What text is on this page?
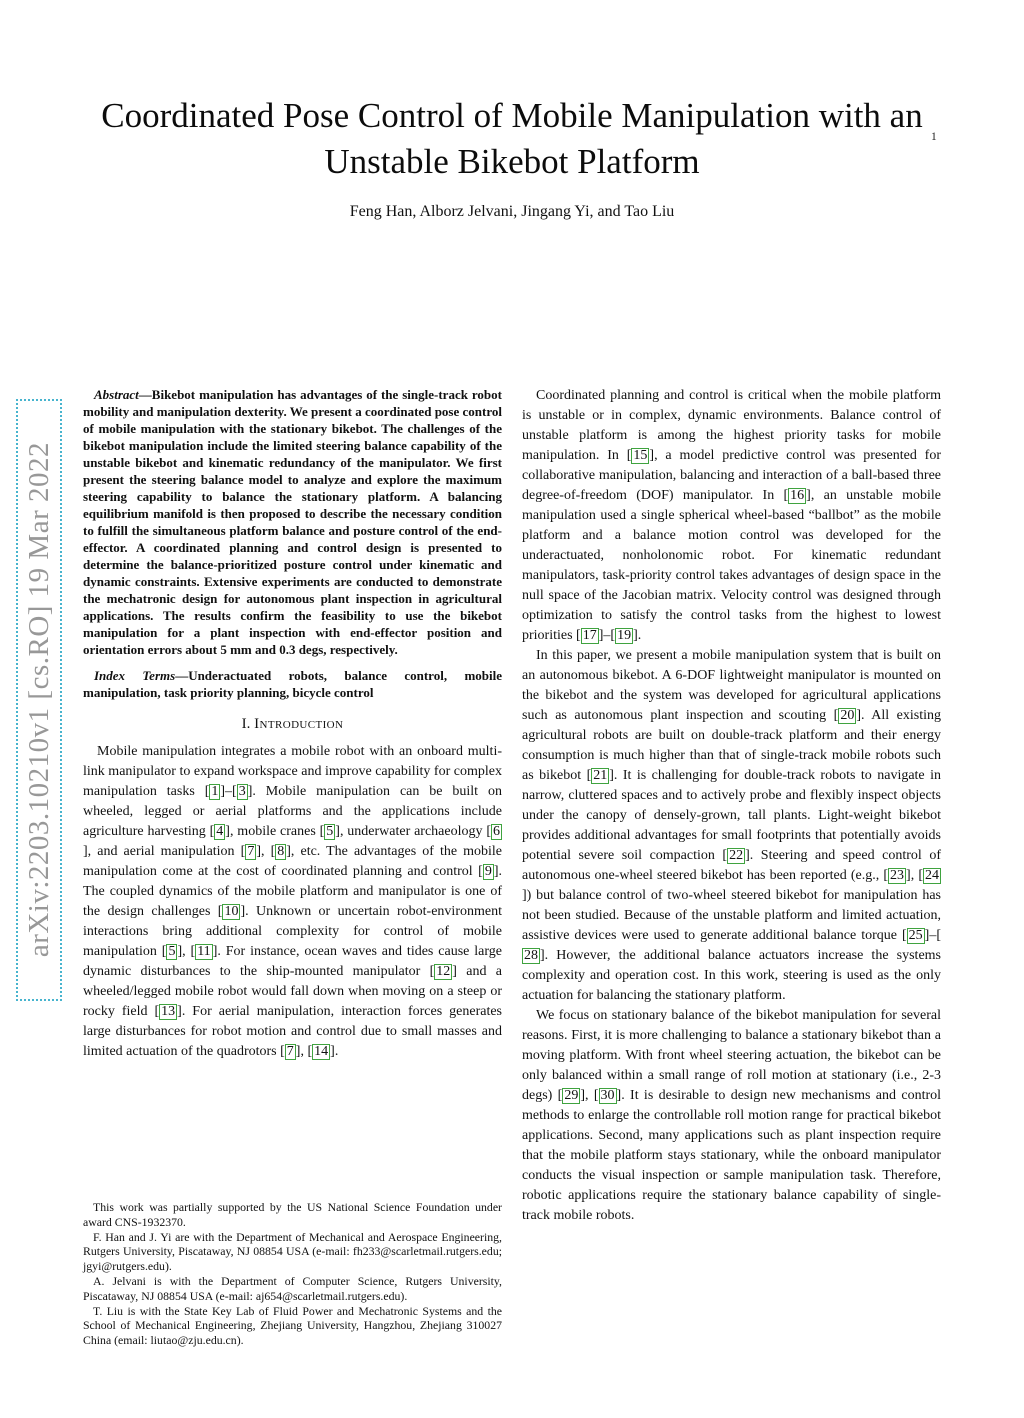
1
arXiv:2203.10210v1 [cs.RO] 19 Mar 2022
Coordinated Pose Control of Mobile Manipulation with an Unstable Bikebot Platform
Feng Han, Alborz Jelvani, Jingang Yi, and Tao Liu

Abstract—Bikebot manipulation has advantages of the single-track robot mobility and manipulation dexterity. We present a coordinated pose control of mobile manipulation with the stationary bikebot. The challenges of the bikebot manipulation include the limited steering balance capability of the unstable bikebot and kinematic redundancy of the manipulator. We first present the steering balance model to analyze and explore the maximum steering capability to balance the stationary platform. A balancing equilibrium manifold is then proposed to describe the necessary condition to fulfill the simultaneous platform balance and posture control of the end-effector. A coordinated planning and control design is presented to determine the balance-prioritized posture control under kinematic and dynamic constraints. Extensive experiments are conducted to demonstrate the mechatronic design for autonomous plant inspection in agricultural applications. The results confirm the feasibility to use the bikebot manipulation for a plant inspection with end-effector position and orientation errors about 5 mm and 0.3 degs, respectively.

Index Terms—Underactuated robots, balance control, mobile manipulation, task priority planning, bicycle control

I. Introduction

Mobile manipulation integrates a mobile robot with an onboard multi-link manipulator to expand workspace and improve capability for complex manipulation tasks [ 1 ]–[ 3 ]. Mobile manipulation can be built on wheeled, legged or aerial platforms and the applications include agriculture harvesting [ 4 ], mobile cranes [ 5 ], underwater archaeology [ 6], and aerial manipulation [ 7 ], [ 8 ], etc. The advantages of the mobile manipulation come at the cost of coordinated planning and control [ 9 ]. The coupled dynamics of the mobile platform and manipulator is one of the design challenges [ 10 ]. Unknown or uncertain robot-environment interactions bring additional complexity for control of mobile manipulation [ 5 ], [ 11 ]. For instance, ocean waves and tides cause large dynamic disturbances to the ship-mounted manipulator [ 12 ] and a wheeled/legged mobile robot would fall down when moving on a steep or rocky field [ 13 ]. For aerial manipulation, interaction forces generates large disturbances for robot motion and control due to small masses and limited actuation of the quadrotors [ 7 ], [ 14 ].

This work was partially supported by the US National Science Foundation under award CNS-1932370.

F. Han and J. Yi are with the Department of Mechanical and Aerospace Engineering, Rutgers University, Piscataway, NJ 08854 USA (e-mail: fh233@scarletmail.rutgers.edu; jgyi@rutgers.edu).

A. Jelvani is with the Department of Computer Science, Rutgers University, Piscataway, NJ 08854 USA (e-mail: aj654@scarletmail.rutgers.edu).

T. Liu is with the State Key Lab of Fluid Power and Mechatronic Systems and the School of Mechanical Engineering, Zhejiang University, Hangzhou, Zhejiang 310027 China (email: liutao@zju.edu.cn).

Coordinated planning and control is critical when the mobile platform is unstable or in complex, dynamic environments. Balance control of unstable platform is among the highest priority tasks for mobile manipulation. In [ 15 ], a model predictive control was presented for collaborative manipulation, balancing and interaction of a ball-based three degree-of-freedom (DOF) manipulator. In [ 16 ], an unstable mobile manipulation used a single spherical wheel-based “ballbot” as the mobile platform and a balance motion control was developed for the underactuated, nonholonomic robot. For kinematic redundant manipulators, task-priority control takes advantages of design space in the null space of the Jacobian matrix. Velocity control was designed through optimization to satisfy the control tasks from the highest to lowest priorities [ 17 ]–[ 19 ].

In this paper, we present a mobile manipulation system that is built on an autonomous bikebot. A 6-DOF lightweight manipulator is mounted on the bikebot and the system was developed for agricultural applications such as autonomous plant inspection and scouting [ 20 ]. All existing agricultural robots are built on double-track platform and their energy consumption is much higher than that of single-track mobile robots such as bikebot [ 21 ]. It is challenging for double-track robots to navigate in narrow, cluttered spaces and to actively probe and flexibly inspect objects under the canopy of densely-grown, tall plants. Light-weight bikebot provides additional advantages for small footprints that potentially avoids potential severe soil compaction [ 22 ]. Steering and speed control of autonomous one-wheel steered bikebot has been reported (e.g., [ 23 ], [ 24]) but balance control of two-wheel steered bikebot for manipulation has not been studied. Because of the unstable platform and limited actuation, assistive devices were used to generate additional balance torque [ 25 ]–[28 ]. However, the additional balance actuators increase the systems complexity and operation cost. In this work, steering is used as the only actuation for balancing the stationary platform.

We focus on stationary balance of the bikebot manipulation for several reasons. First, it is more challenging to balance a stationary bikebot than a moving platform. With front wheel steering actuation, the bikebot can be only balanced within a small range of roll motion at stationary (i.e., 2-3 degs) [ 29 ], [ 30 ]. It is desirable to design new mechanisms and control methods to enlarge the controllable roll motion range for practical bikebot applications. Second, many applications such as plant inspection require that the mobile platform stays stationary, while the onboard manipulator conducts the visual inspection or sample manipulation task. Therefore, robotic applications require the stationary balance capability of single-track mobile robots.
